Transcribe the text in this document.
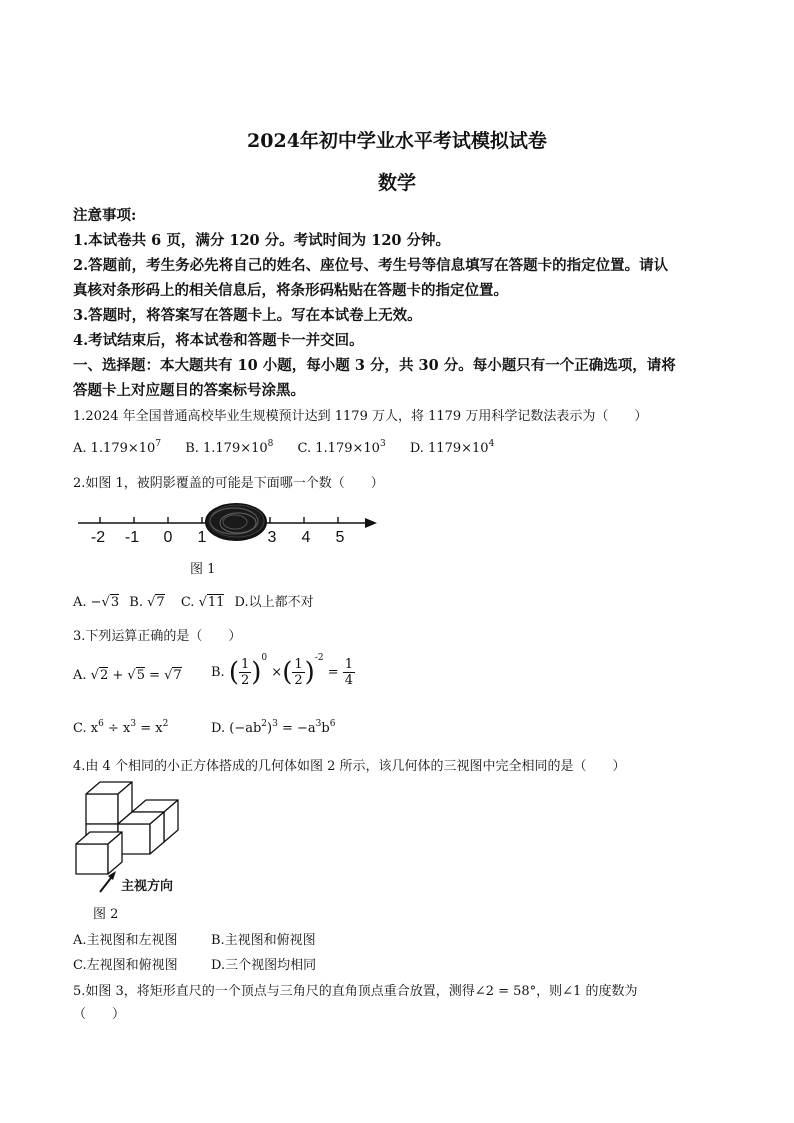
2024年初中学业水平考试模拟试卷
数学
注意事项:
1.本试卷共 6 页，满分 120 分。考试时间为 120 分钟。
2.答题前，考生务必先将自己的姓名、座位号、考生号等信息填写在答题卡的指定位置。请认
真核对条形码上的相关信息后，将条形码粘贴在答题卡的指定位置。
3.答题时，将答案写在答题卡上。写在本试卷上无效。
4.考试结束后，将本试卷和答题卡一并交回。
一、选择题：本大题共有 10 小题，每小题 3 分，共 30 分。每小题只有一个正确选项，请将
答题卡上对应题目的答案标号涂黑。
1.2024 年全国普通高校毕业生规模预计达到 1179 万人，将 1179 万用科学记数法表示为（　　）
A. $1.179\times 10^7$ B. $1.179\times 10^8$ C. $1.179\times 10^3$ D. $1179\times 10^4$
2.如图 1，被阴影覆盖的可能是下面哪一个数（　　）
-2 -1 0 1	3 4 5
图 1
A. −√3 B. √7 C. √11 D.以上都不对
3.下列运算正确的是（　　）
A. √2 + √5 = √7 B. ( $\frac{1}{2} )^0$ ×( $\frac{1}{2} )^{-2} = \frac{1}{4}$
C. $x^6 \div x^3 = x^2$	D. $(-ab^2)^3 = -a^3b^6$
4.由 4 个相同的小正方体搭成的几何体如图 2 所示，该几何体的三视图中完全相同的是（　　）
主视方向
图 2
A.主视图和左视图	B.主视图和俯视图
C.左视图和俯视图	D.三个视图均相同
5.如图 3，将矩形直尺的一个顶点与三角尺的直角顶点重合放置，测得∠2 = 58°，则∠1 的度数为
（　　）
